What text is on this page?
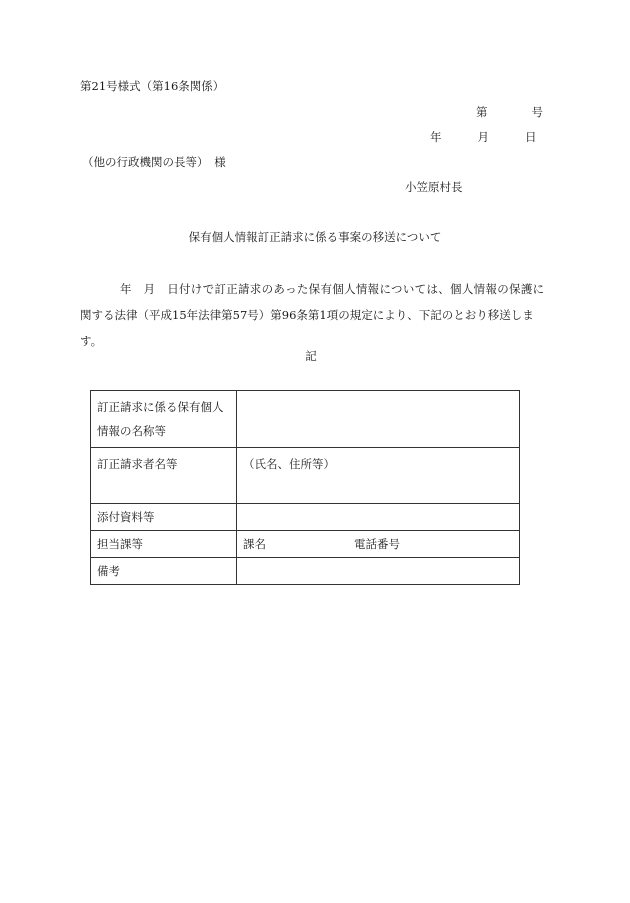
第21号様式（第16条関係）
第	号
年	月	日
（他の行政機関の長等）　様
小笠原村長
保有個人情報訂正請求に係る事案の移送について

年　月　日付けで訂正請求のあった保有個人情報については、個人情報の保護に

関する法律（平成15年法律第57号）第96条第1項の規定により、下記のとおり移送します。

記
訂正請求に係る保有個人情報の名称等	
訂正請求者名等	（氏名、住所等）
添付資料等	
担当課等	課名 電話番号
備考	
